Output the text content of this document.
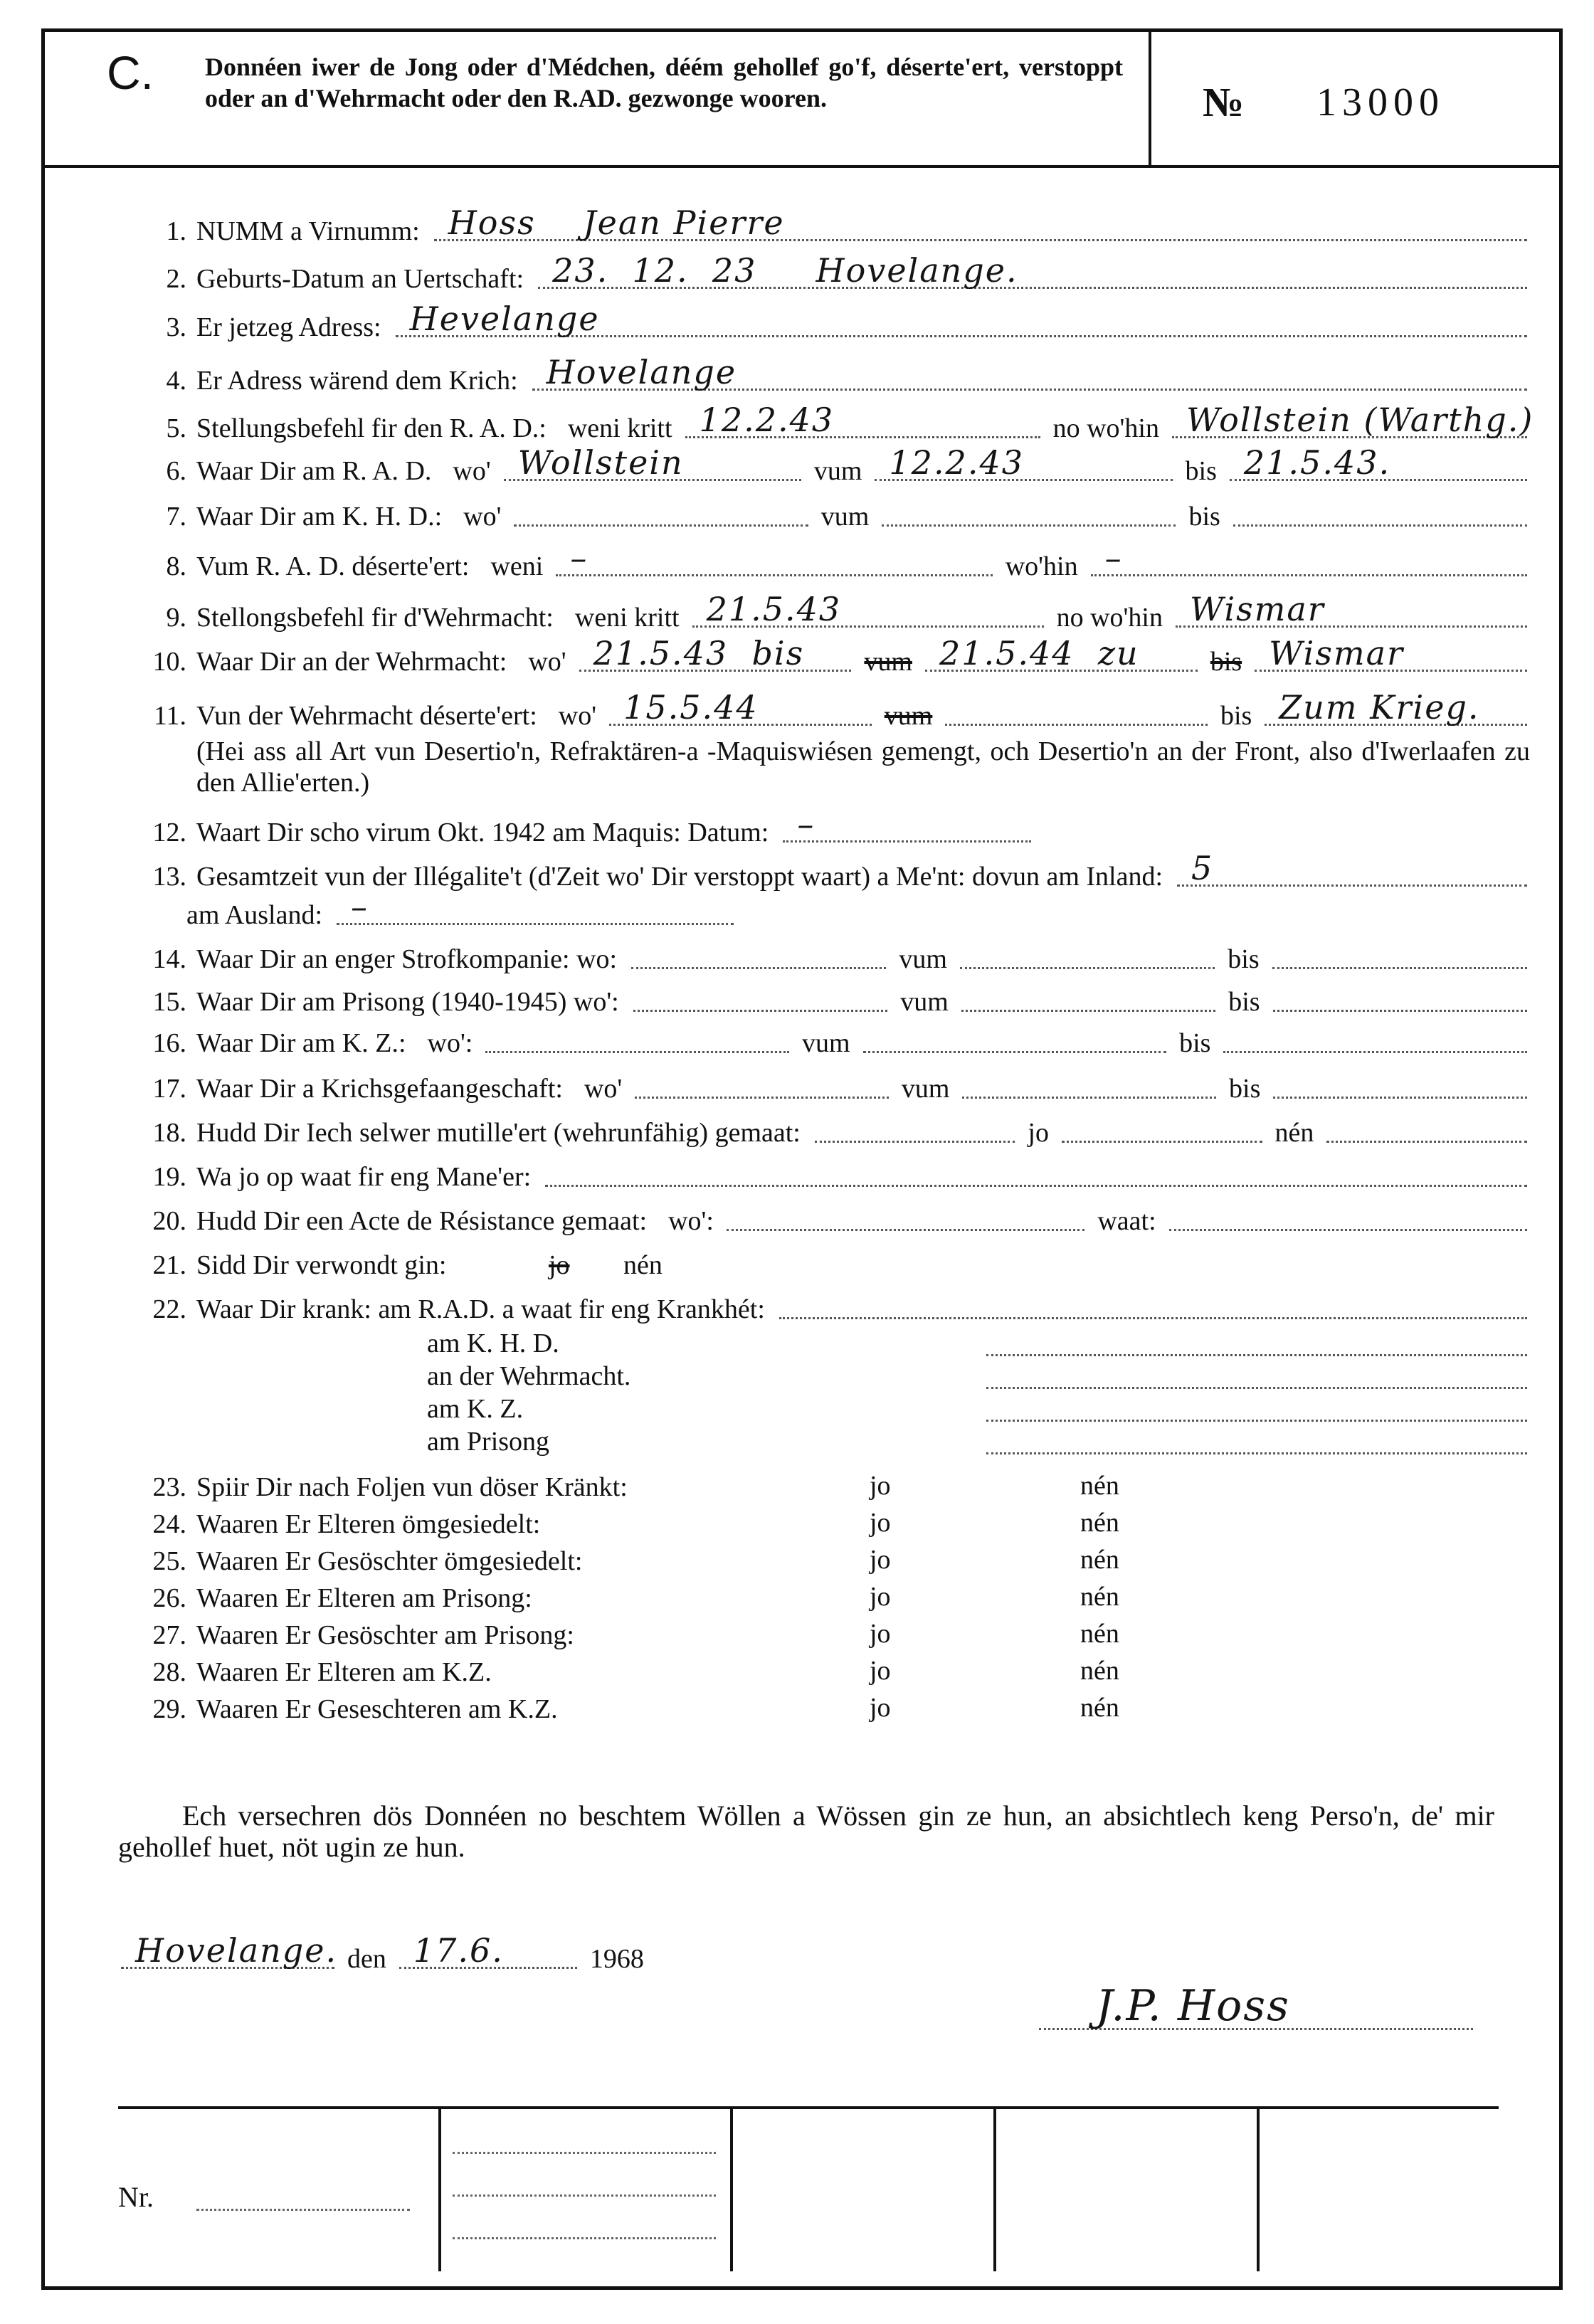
C. Donnéen iwer de Jong oder d'Médchen, déém gehollef go'f, déserte'ert, verstoppt oder an d'Wehrmacht oder den R.AD. gezwonge wooren.	№ 13000
1. NUMM a Virnumm: Hoss    Jean Pierre
2. Geburts-Datum an Uertschaft: 23.  12.  23     Hovelange.
3. Er jetzeg Adress: Hevelange
4. Er Adress wärend dem Krich: Hovelange
5. Stellungsbefehl fir den R. A. D.: weni kritt 12.2.43	no wo'hin Wollstein (Warthg.)
6. Waar Dir am R. A. D. wo' Wollstein	vum 12.2.43	bis 21.5.43.
7. Waar Dir am K. H. D.: wo'	vum	bis
8. Vum R. A. D. déserte'ert: weni –	wo'hin –
9. Stellongsbefehl fir d'Wehrmacht: weni kritt 21.5.43	no wo'hin Wismar
10. Waar Dir an der Wehrmacht: wo' 21.5.43  bis	vum 21.5.44  zu	bis Wismar
11. Vun der Wehrmacht déserte'ert: wo' 15.5.44	vum	bis Zum Krieg.
12. Waart Dir scho virum Okt. 1942 am Maquis: Datum: –
13. Gesamtzeit vun der Illégalite't (d'Zeit wo' Dir verstoppt waart) a Me'nt: dovun am Inland: 5
am Ausland: –
14. Waar Dir an enger Strofkompanie: wo:	vum	bis
15. Waar Dir am Prisong (1940-1945) wo':	vum	bis
16. Waar Dir am K. Z.: wo':	vum	bis
17. Waar Dir a Krichsgefaangeschaft: wo'	vum	bis
18. Hudd Dir Iech selwer mutille'ert (wehrunfähig) gemaat:	jo	nén
19. Wa jo op waat fir eng Mane'er:
20. Hudd Dir een Acte de Résistance gemaat: wo':	waat:
21. Sidd Dir verwondt gin:
	jo nén
22. Waar Dir krank: am R.A.D. a waat fir eng Krankhét:
(Hei ass all Art vun Desertio'n, Refraktären-a -Maquiswiésen gemengt, och Desertio'n an der Front, also d'Iwerlaafen zu den Allie'erten.)
am K. H. D.
an der Wehrmacht.
am K. Z.
am Prisong
23. Spiir Dir nach Foljen vun döser Kränkt:	jo	nén
24. Waaren Er Elteren ömgesiedelt:	jo	nén
25. Waaren Er Gesöschter ömgesiedelt:	jo	nén
26. Waaren Er Elteren am Prisong:	jo	nén
27. Waaren Er Gesöschter am Prisong:	jo	nén
28. Waaren Er Elteren am K.Z.	jo	nén
29. Waaren Er Geseschteren am K.Z.	jo	nén
Ech versechren dös Donnéen no beschtem Wöllen a Wössen gin ze hun, an absichtlech keng Perso'n, de' mir gehollef huet, nöt ugin ze hun.
Hovelange. den 17.6.	1968
J.P. Hoss
Nr.
